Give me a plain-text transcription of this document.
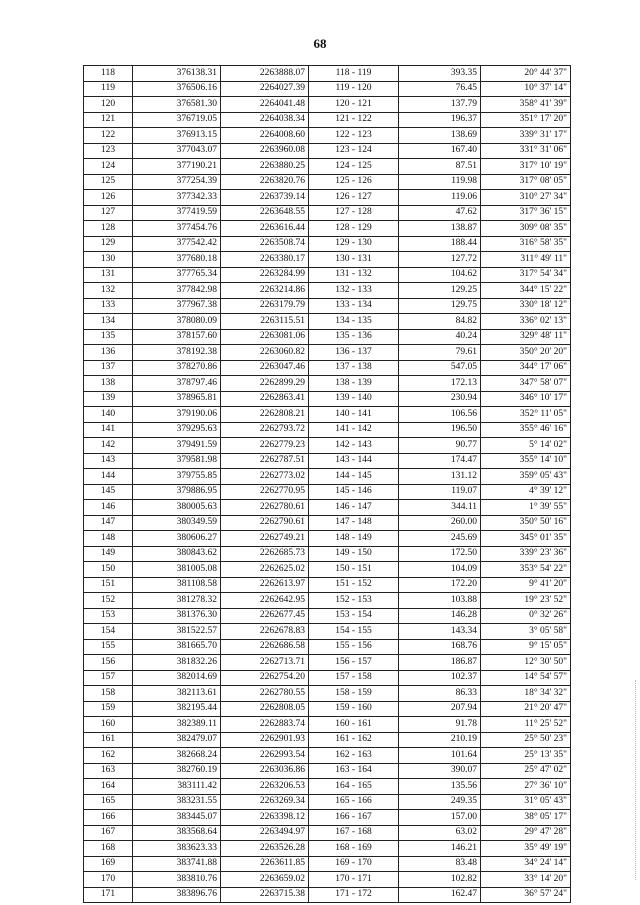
68
118	376138.31	2263888.07	118 - 119	393.35	20° 44' 37"
119	376506.16	2264027.39	119 - 120	76.45	10° 37' 14"
120	376581.30	2264041.48	120 - 121	137.79	358° 41' 39"
121	376719.05	2264038.34	121 - 122	196.37	351° 17' 20"
122	376913.15	2264008.60	122 - 123	138.69	339° 31' 17"
123	377043.07	2263960.08	123 - 124	167.40	331° 31' 06"
124	377190.21	2263880.25	124 - 125	87.51	317° 10' 19"
125	377254.39	2263820.76	125 - 126	119.98	317° 08' 05"
126	377342.33	2263739.14	126 - 127	119.06	310° 27' 34"
127	377419.59	2263648.55	127 - 128	47.62	317° 36' 15"
128	377454.76	2263616.44	128 - 129	138.87	309° 08' 35"
129	377542.42	2263508.74	129 - 130	188.44	316° 58' 35"
130	377680.18	2263380.17	130 - 131	127.72	311° 49' 11"
131	377765.34	2263284.99	131 - 132	104.62	317° 54' 34"
132	377842.98	2263214.86	132 - 133	129.25	344° 15' 22"
133	377967.38	2263179.79	133 - 134	129.75	330° 18' 12"
134	378080.09	2263115.51	134 - 135	84.82	336° 02' 13"
135	378157.60	2263081.06	135 - 136	40.24	329° 48' 11"
136	378192.38	2263060.82	136 - 137	79.61	350° 20' 20"
137	378270.86	2263047.46	137 - 138	547.05	344° 17' 06"
138	378797.46	2262899.29	138 - 139	172.13	347° 58' 07"
139	378965.81	2262863.41	139 - 140	230.94	346° 10' 17"
140	379190.06	2262808.21	140 - 141	106.56	352° 11' 05"
141	379295.63	2262793.72	141 - 142	196.50	355° 46' 16"
142	379491.59	2262779.23	142 - 143	90.77	5° 14' 02"
143	379581.98	2262787.51	143 - 144	174.47	355° 14' 10"
144	379755.85	2262773.02	144 - 145	131.12	359° 05' 43"
145	379886.95	2262770.95	145 - 146	119.07	4° 39' 12"
146	380005.63	2262780.61	146 - 147	344.11	1° 39' 55"
147	380349.59	2262790.61	147 - 148	260.00	350° 50' 16"
148	380606.27	2262749.21	148 - 149	245.69	345° 01' 35"
149	380843.62	2262685.73	149 - 150	172.50	339° 23' 36"
150	381005.08	2262625.02	150 - 151	104.09	353° 54' 22"
151	381108.58	2262613.97	151 - 152	172.20	9° 41' 20"
152	381278.32	2262642.95	152 - 153	103.88	19° 23' 52"
153	381376.30	2262677.45	153 - 154	146.28	0° 32' 26"
154	381522.57	2262678.83	154 - 155	143.34	3° 05' 58"
155	381665.70	2262686.58	155 - 156	168.76	9° 15' 05"
156	381832.26	2262713.71	156 - 157	186.87	12° 30' 50"
157	382014.69	2262754.20	157 - 158	102.37	14° 54' 57"
158	382113.61	2262780.55	158 - 159	86.33	18° 34' 32"
159	382195.44	2262808.05	159 - 160	207.94	21° 20' 47"
160	382389.11	2262883.74	160 - 161	91.78	11° 25' 52"
161	382479.07	2262901.93	161 - 162	210.19	25° 50' 23"
162	382668.24	2262993.54	162 - 163	101.64	25° 13' 35"
163	382760.19	2263036.86	163 - 164	390.07	25° 47' 02"
164	383111.42	2263206.53	164 - 165	135.56	27° 36' 10"
165	383231.55	2263269.34	165 - 166	249.35	31° 05' 43"
166	383445.07	2263398.12	166 - 167	157.00	38° 05' 17"
167	383568.64	2263494.97	167 - 168	63.02	29° 47' 28"
168	383623.33	2263526.28	168 - 169	146.21	35° 49' 19"
169	383741.88	2263611.85	169 - 170	83.48	34° 24' 14"
170	383810.76	2263659.02	170 - 171	102.82	33° 14' 20"
171	383896.76	2263715.38	171 - 172	162.47	36° 57' 24"
